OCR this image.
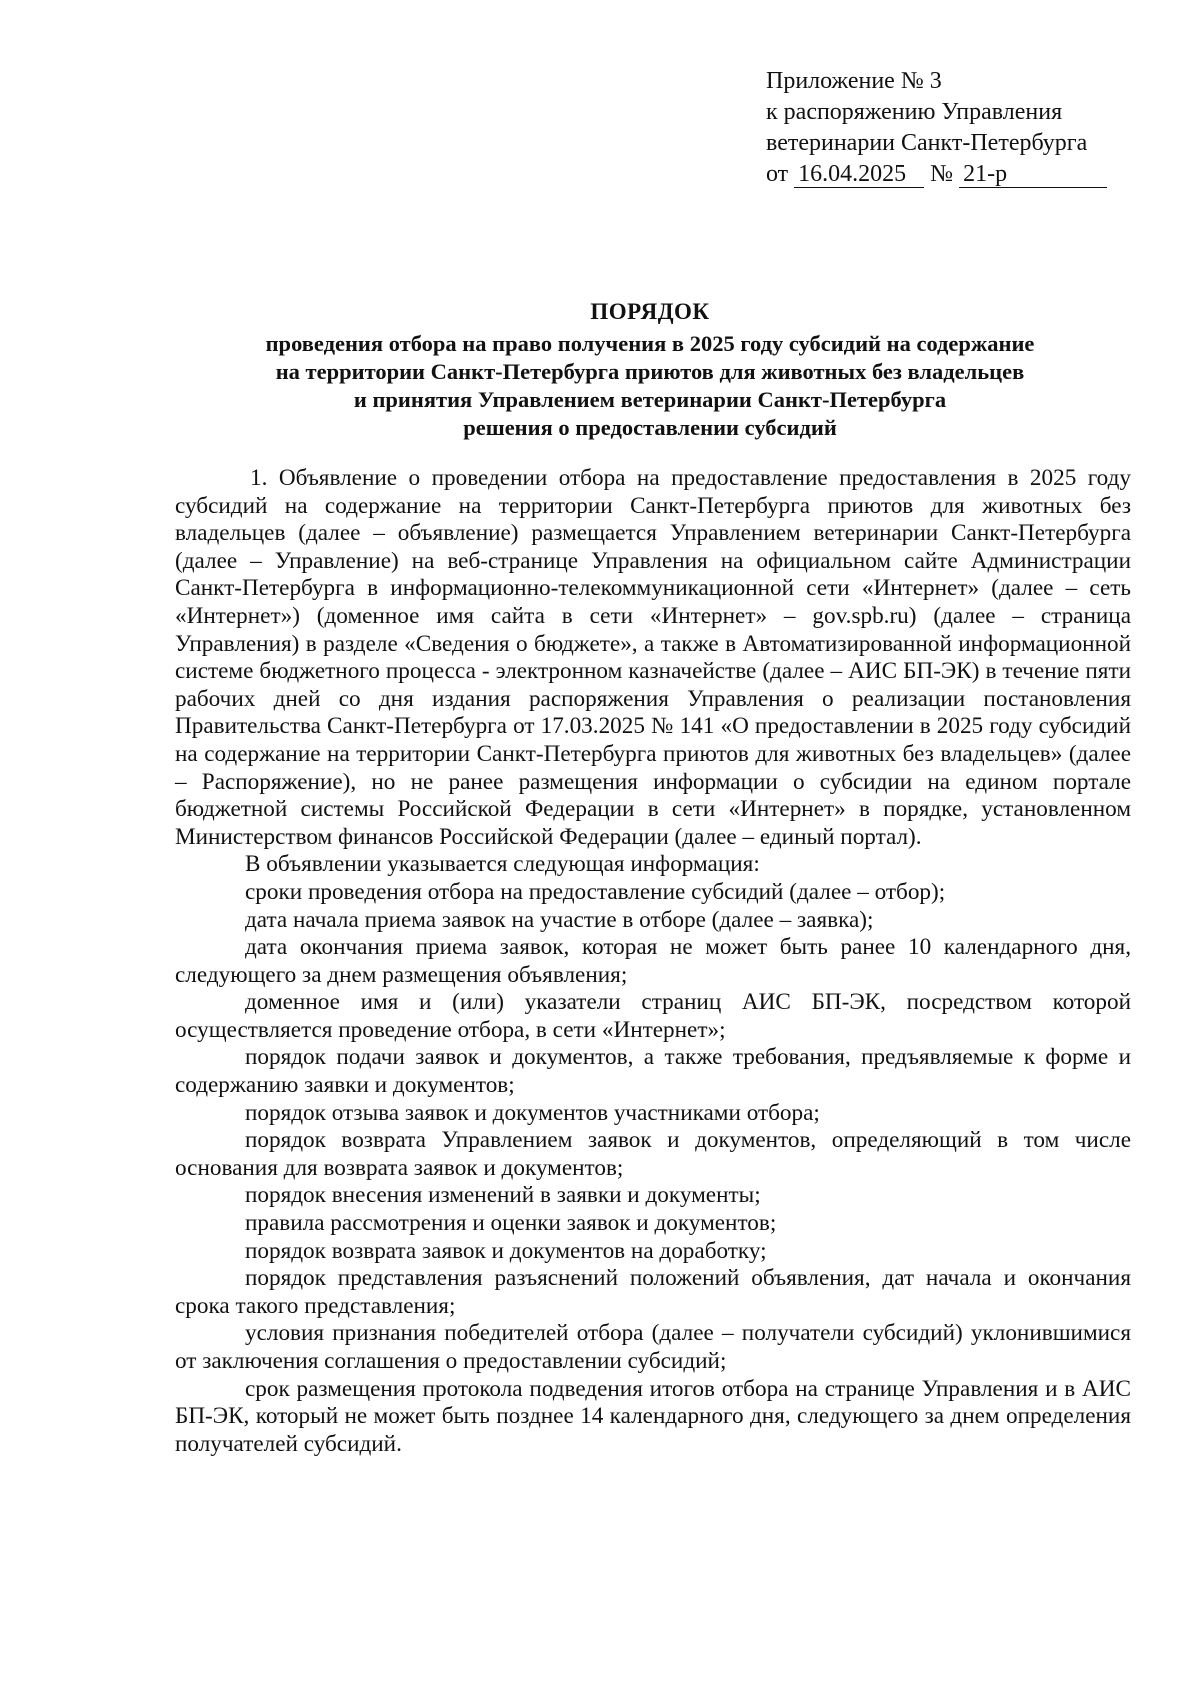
Приложение № 3
к распоряжению Управления
ветеринарии Санкт-Петербурга
от 16.04.2025 № 21-р
ПОРЯДОК
проведения отбора на право получения в 2025 году субсидий на содержание
на территории Санкт-Петербурга приютов для животных без владельцев
и принятия Управлением ветеринарии Санкт-Петербурга
решения о предоставлении субсидий

1. Объявление о проведении отбора на предоставление предоставления в 2025 году субсидий на содержание на территории Санкт-Петербурга приютов для животных без владельцев (далее – объявление) размещается Управлением ветеринарии Санкт-Петербурга (далее – Управление) на веб-странице Управления на официальном сайте Администрации Санкт-Петербурга в информационно-телекоммуникационной сети «Интернет» (далее – сеть «Интернет») (доменное имя сайта в сети «Интернет» – gov.spb.ru) (далее – страница Управления) в разделе «Сведения о бюджете», а также в Автоматизированной информационной системе бюджетного процесса - электронном казначействе (далее – АИС БП-ЭК) в течение пяти рабочих дней со дня издания распоряжения Управления о реализации постановления Правительства Санкт-Петербурга от 17.03.2025 № 141 «О предоставлении в 2025 году субсидий на содержание на территории Санкт-Петербурга приютов для животных без владельцев» (далее – Распоряжение), но не ранее размещения информации о субсидии на едином портале бюджетной системы Российской Федерации в сети «Интернет» в порядке, установленном Министерством финансов Российской Федерации (далее – единый портал).

В объявлении указывается следующая информация:

сроки проведения отбора на предоставление субсидий (далее – отбор);

дата начала приема заявок на участие в отборе (далее – заявка);

дата окончания приема заявок, которая не может быть ранее 10 календарного дня, следующего за днем размещения объявления;

доменное имя и (или) указатели страниц АИС БП-ЭК, посредством которой осуществляется проведение отбора, в сети «Интернет»;

порядок подачи заявок и документов, а также требования, предъявляемые к форме и содержанию заявки и документов;

порядок отзыва заявок и документов участниками отбора;

порядок возврата Управлением заявок и документов, определяющий в том числе основания для возврата заявок и документов;

порядок внесения изменений в заявки и документы;

правила рассмотрения и оценки заявок и документов;

порядок возврата заявок и документов на доработку;

порядок представления разъяснений положений объявления, дат начала и окончания срока такого представления;

условия признания победителей отбора (далее – получатели субсидий) уклонившимися от заключения соглашения о предоставлении субсидий;

срок размещения протокола подведения итогов отбора на странице Управления и в АИС БП-ЭК, который не может быть позднее 14 календарного дня, следующего за днем определения получателей субсидий.
